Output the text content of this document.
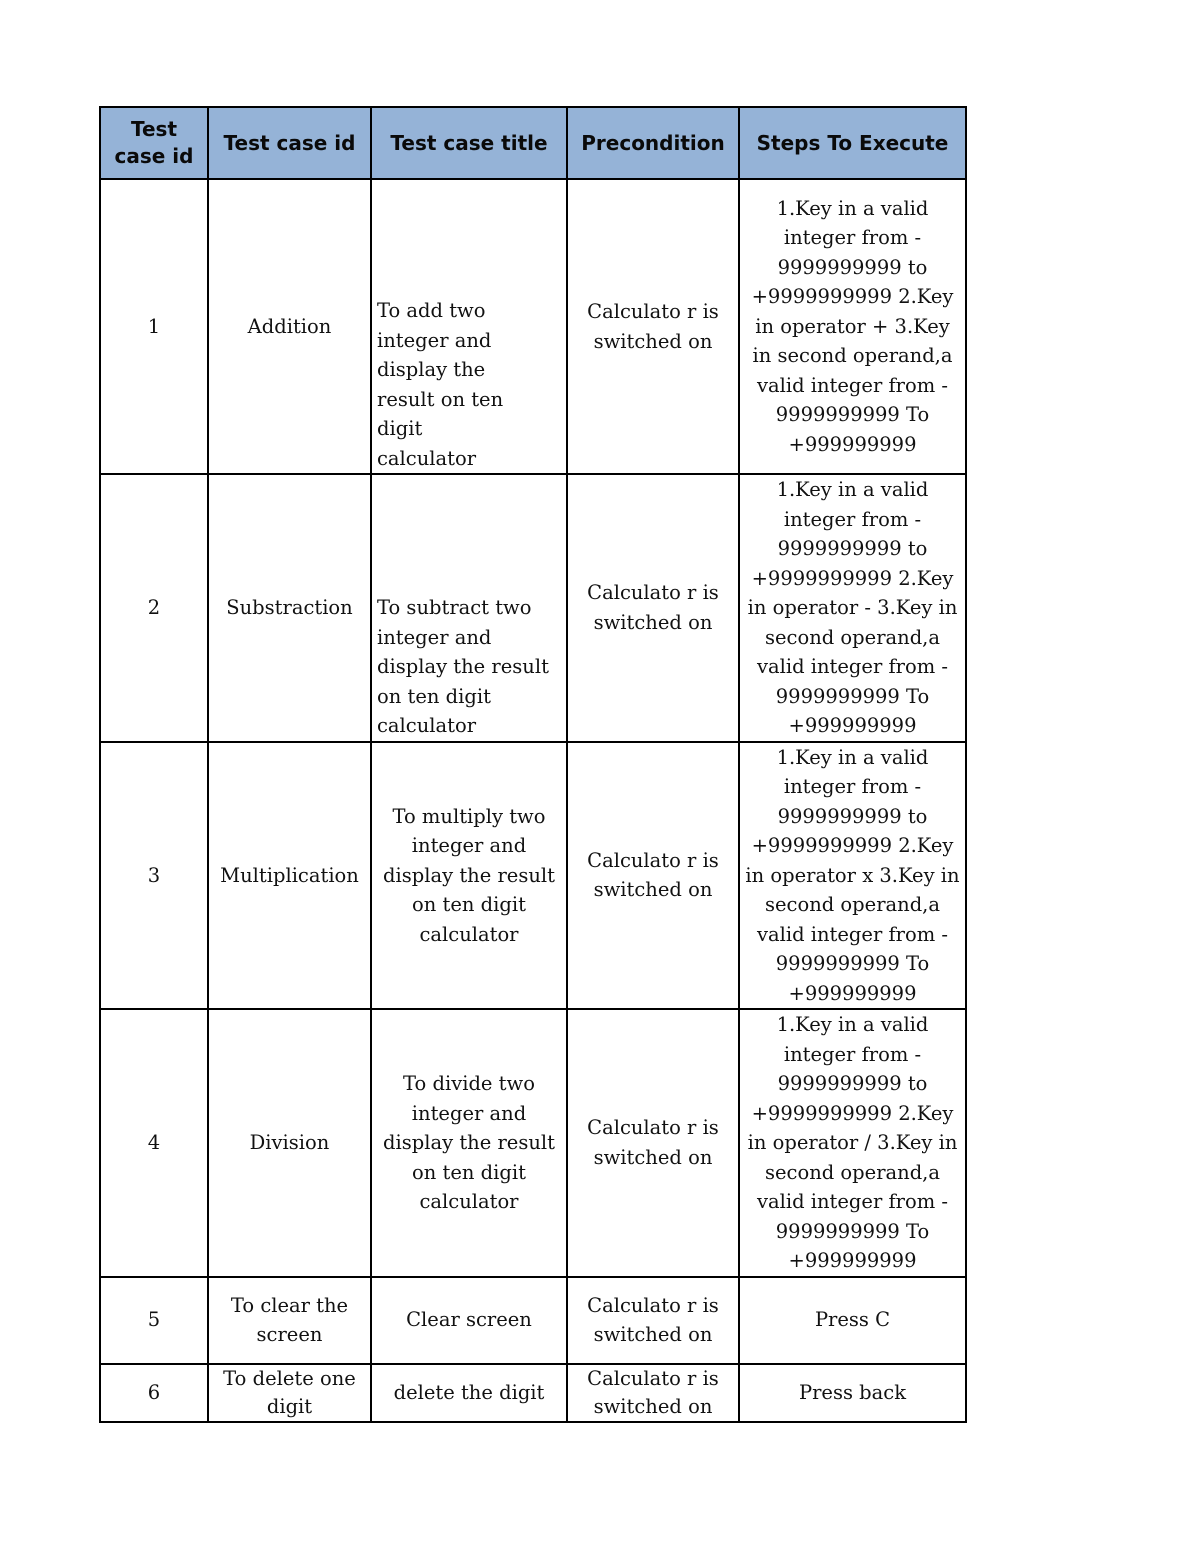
Test case id	Test case id	Test case title	Precondition	Steps To Execute
1	Addition	To add two integer and display the result on ten digit calculator	Calculato r is switched on	1.Key in a valid integer from - 9999999999 to +9999999999 2.Key in operator + 3.Key in second operand,a valid integer from - 9999999999 To +999999999
2	Substraction	To subtract two integer and display the result on ten digit calculator	Calculato r is switched on	1.Key in a valid integer from - 9999999999 to +9999999999 2.Key in operator - 3.Key in second operand,a valid integer from - 9999999999 To +999999999
3	Multiplication	To multiply two integer and display the result on ten digit calculator	Calculato r is switched on	1.Key in a valid integer from - 9999999999 to +9999999999 2.Key in operator x 3.Key in second operand,a valid integer from - 9999999999 To +999999999
4	Division	To divide two integer and display the result on ten digit calculator	Calculato r is switched on	1.Key in a valid integer from - 9999999999 to +9999999999 2.Key in operator / 3.Key in second operand,a valid integer from - 9999999999 To +999999999
5	To clear the screen	Clear screen	Calculato r is switched on	Press C
6	To delete one digit	delete the digit	Calculato r is switched on	Press back
